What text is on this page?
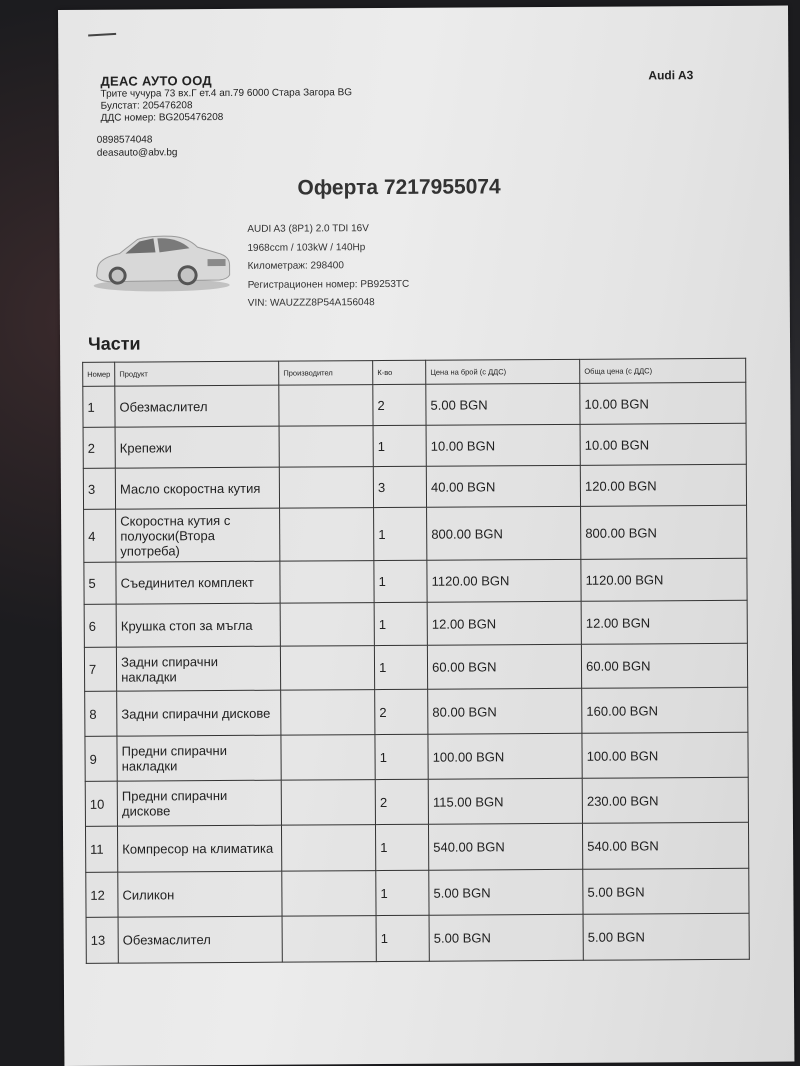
ДЕАС АУТО ООД
Трите чучура 73 вх.Г ет.4 ап.79 6000 Стара Загора BG
Булстат: 205476208
ДДС номер: BG205476208
0898574048
deasauto@abv.bg
Audi A3
Оферта 7217955074
AUDI A3 (8P1) 2.0 TDI 16V
1968ccm / 103kW / 140Hp
Километраж: 298400
Регистрационен номер: PB9253TC
VIN: WAUZZZ8P54A156048
Части
Номер	Продукт	Производител	К-во	Цена на брой (с ДДС)	Обща цена (с ДДС)
1	Обезмаслител		2	5.00 BGN	10.00 BGN
2	Крепежи		1	10.00 BGN	10.00 BGN
3	Масло скоростна кутия		3	40.00 BGN	120.00 BGN
4	Скоростна кутия с полуоски(Втора употреба)		1	800.00 BGN	800.00 BGN
5	Съединител комплект		1	1120.00 BGN	1120.00 BGN
6	Крушка стоп за мъгла		1	12.00 BGN	12.00 BGN
7	Задни спирачни накладки		1	60.00 BGN	60.00 BGN
8	Задни спирачни дискове		2	80.00 BGN	160.00 BGN
9	Предни спирачни накладки		1	100.00 BGN	100.00 BGN
10	Предни спирачни дискове		2	115.00 BGN	230.00 BGN
11	Компресор на климатика		1	540.00 BGN	540.00 BGN
12	Силикон		1	5.00 BGN	5.00 BGN
13	Обезмаслител		1	5.00 BGN	5.00 BGN
